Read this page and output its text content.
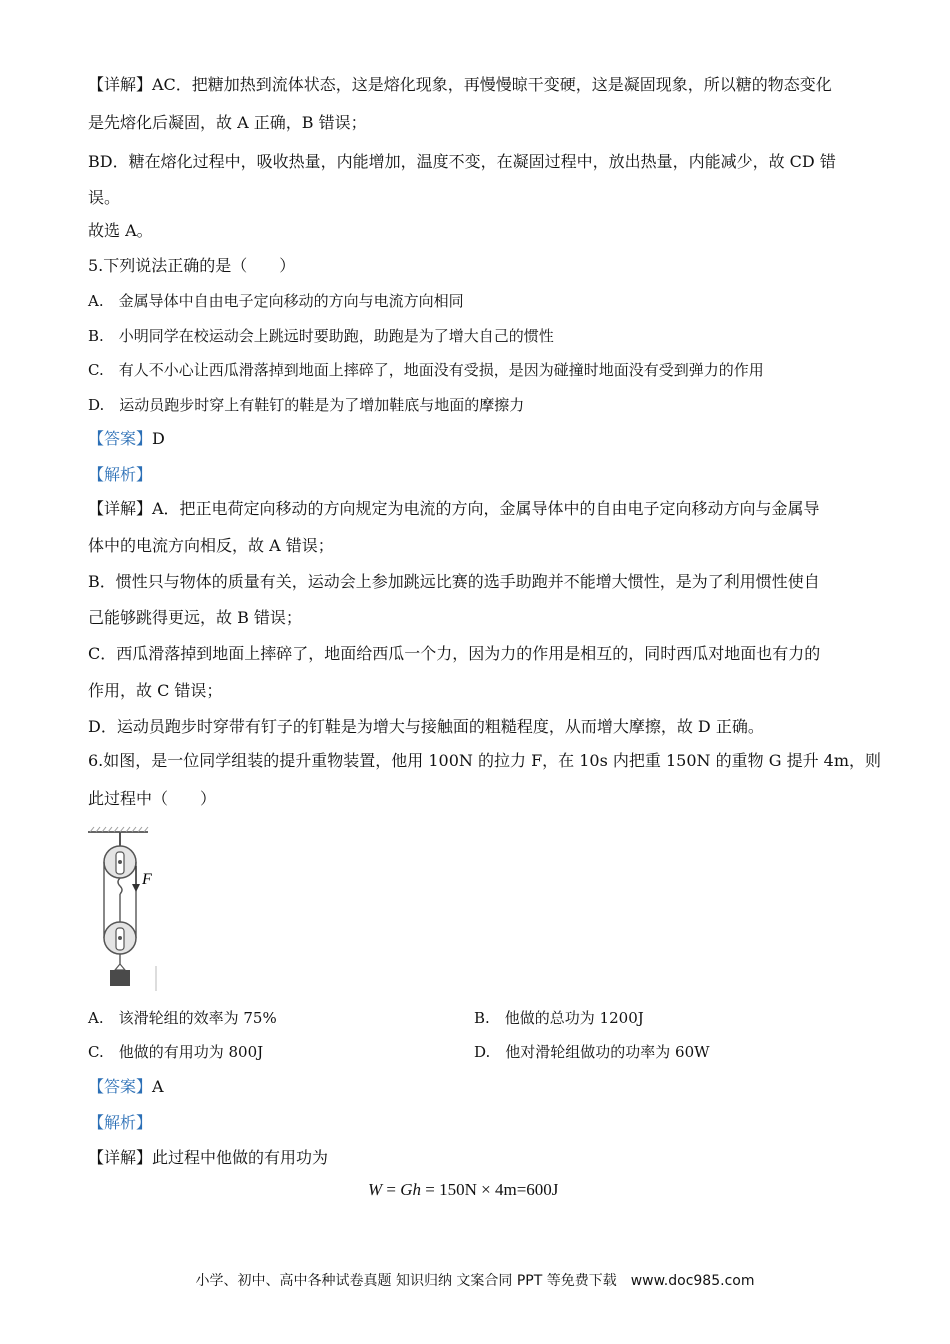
【详解】AC．把糖加热到流体状态，这是熔化现象，再慢慢晾干变硬，这是凝固现象，所以糖的物态变化
是先熔化后凝固，故 A 正确，B 错误；
BD．糖在熔化过程中，吸收热量，内能增加，温度不变，在凝固过程中，放出热量，内能减少，故 CD 错
误。
故选 A。
5.下列说法正确的是（　　）
A.　金属导体中自由电子定向移动的方向与电流方向相同
B.　小明同学在校运动会上跳远时要助跑，助跑是为了增大自己的惯性
C.　有人不小心让西瓜滑落掉到地面上摔碎了，地面没有受损，是因为碰撞时地面没有受到弹力的作用
D.　运动员跑步时穿上有鞋钉的鞋是为了增加鞋底与地面的摩擦力
【答案】D
【解析】
【详解】A．把正电荷定向移动的方向规定为电流的方向，金属导体中的自由电子定向移动方向与金属导
体中的电流方向相反，故 A 错误；
B．惯性只与物体的质量有关，运动会上参加跳远比赛的选手助跑并不能增大惯性，是为了利用惯性使自
己能够跳得更远，故 B 错误；
C．西瓜滑落掉到地面上摔碎了，地面给西瓜一个力，因为力的作用是相互的，同时西瓜对地面也有力的
作用，故 C 错误；
D．运动员跑步时穿带有钉子的钉鞋是为增大与接触面的粗糙程度，从而增大摩擦，故 D 正确。
6.如图，是一位同学组装的提升重物装置，他用 100N 的拉力 F，在 10s 内把重 150N 的重物 G 提升 4m，则
此过程中（　　）
F
A.　该滑轮组的效率为 75%	B.　他做的总功为 1200J
C.　他做的有用功为 800J	D.　他对滑轮组做功的功率为 60W
【答案】A
【解析】
【详解】此过程中他做的有用功为
W = Gh = 150N × 4m=600J
小学、初中、高中各种试卷真题 知识归纳 文案合同 PPT 等免费下载　www.doc985.com
